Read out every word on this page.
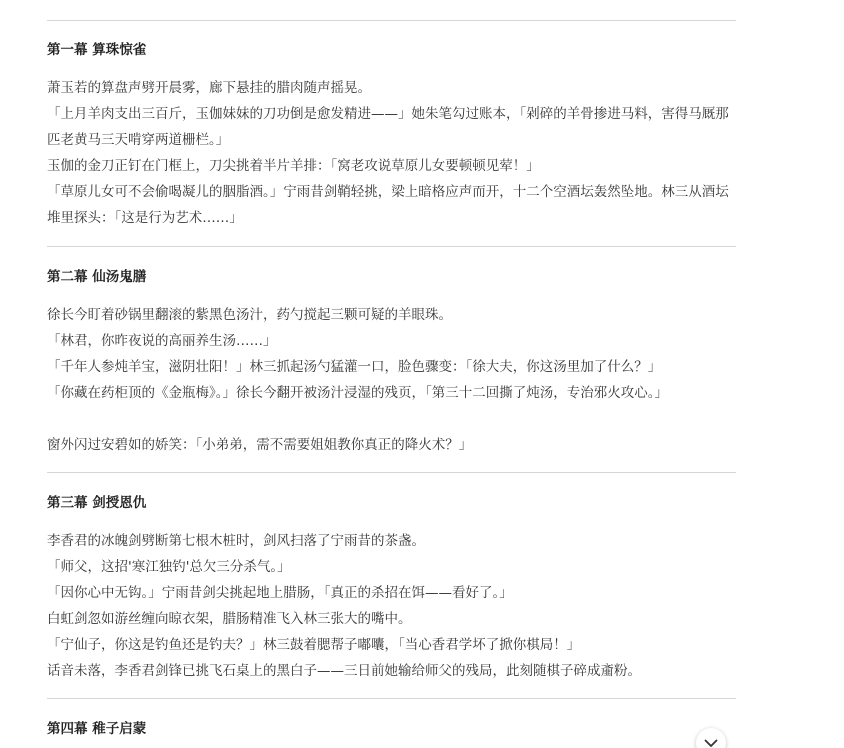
第一幕 算珠惊雀

萧玉若的算盘声劈开晨雾，廊下悬挂的腊肉随声摇晃。

「上月羊肉支出三百斤，玉伽妹妹的刀功倒是愈发精进——」她朱笔勾过账本，「剁碎的羊骨掺进马料，害得马厩那匹老黄马三天啃穿两道栅栏。」

玉伽的金刀正钉在门框上，刀尖挑着半片羊排：「窝老攻说草原儿女要顿顿见荤！」

「草原儿女可不会偷喝凝儿的胭脂酒。」宁雨昔剑鞘轻挑，梁上暗格应声而开，十二个空酒坛轰然坠地。林三从酒坛堆里探头：「这是行为艺术……」

第二幕 仙汤鬼膳

徐长今盯着砂锅里翻滚的紫黑色汤汁，药勺搅起三颗可疑的羊眼珠。

「林君，你昨夜说的高丽养生汤……」

「千年人参炖羊宝，滋阴壮阳！」林三抓起汤勺猛灌一口，脸色骤变：「徐大夫，你这汤里加了什么？」

「你藏在药柜顶的《金瓶梅》。」徐长今翻开被汤汁浸湿的残页，「第三十二回撕了炖汤，专治邪火攻心。」

窗外闪过安碧如的娇笑：「小弟弟，需不需要姐姐教你真正的降火术？」

第三幕 剑授恩仇

李香君的冰魄剑劈断第七根木桩时，剑风扫落了宁雨昔的茶盏。

「师父，这招'寒江独钓'总欠三分杀气。」

「因你心中无钩。」宁雨昔剑尖挑起地上腊肠，「真正的杀招在饵——看好了。」

白虹剑忽如游丝缠向晾衣架，腊肠精准飞入林三张大的嘴中。

「宁仙子，你这是钓鱼还是钓夫？」林三鼓着腮帮子嘟囔，「当心香君学坏了掀你棋局！」

话音未落，李香君剑锋已挑飞石桌上的黑白子——三日前她输给师父的残局，此刻随棋子碎成齑粉。

第四幕 稚子启蒙
